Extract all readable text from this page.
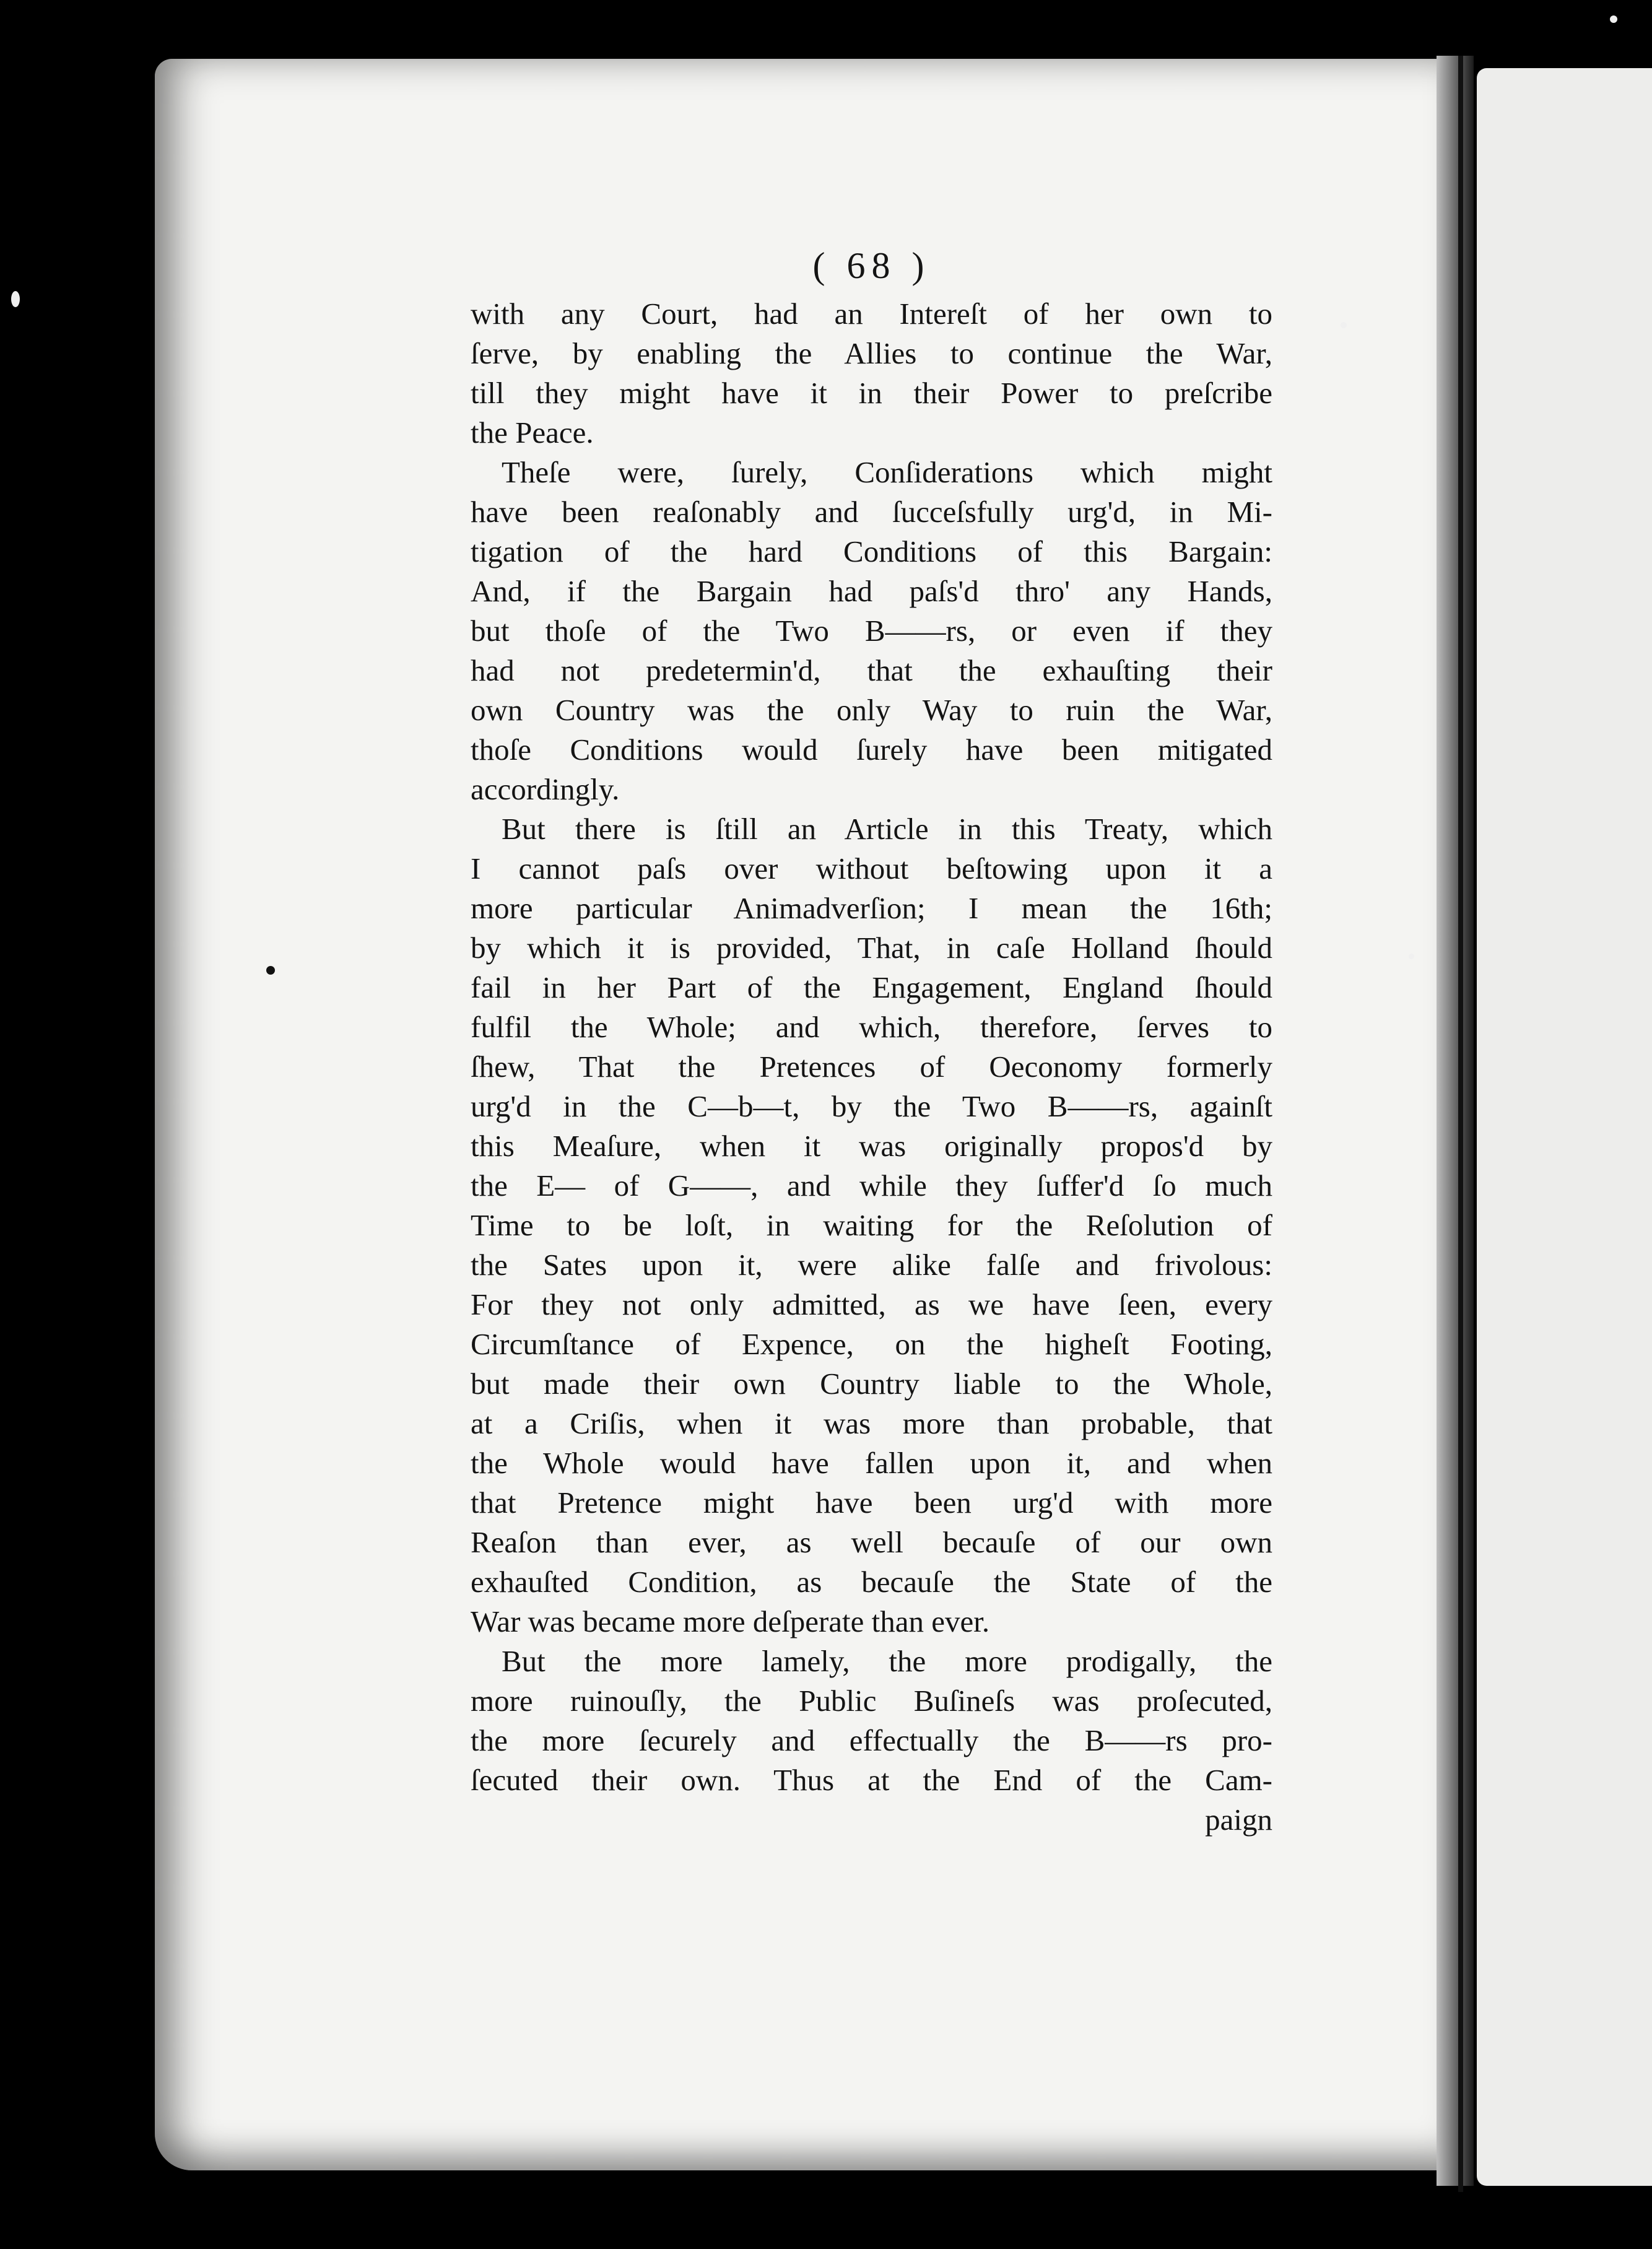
( 68 )
with any Court, had an Intereſt of her own to
ſerve, by enabling the Allies to continue the War,
till they might have it in their Power to preſcribe
the Peace.
Theſe were, ſurely, Conſiderations which might
have been reaſonably and ſucceſsfully urg'd, in Mi-
tigation of the hard Conditions of this Bargain:
And, if the Bargain had paſs'd thro' any Hands,
but thoſe of the Two B——rs, or even if they
had not predetermin'd, that the exhauſting their
own Country was the only Way to ruin the War,
thoſe Conditions would ſurely have been mitigated
accordingly.
But there is ſtill an Article in this Treaty, which
I cannot paſs over without beſtowing upon it a
more particular Animadverſion; I mean the 16th;
by which it is provided, That, in caſe Holland ſhould
fail in her Part of the Engagement, England ſhould
fulfil the Whole; and which, therefore, ſerves to
ſhew, That the Pretences of Oeconomy formerly
urg'd in the C—b—t, by the Two B——rs, againſt
this Meaſure, when it was originally propos'd by
the E— of G——, and while they ſuffer'd ſo much
Time to be loſt, in waiting for the Reſolution of
the Sates upon it, were alike falſe and frivolous:
For they not only admitted, as we have ſeen, every
Circumſtance of Expence, on the higheſt Footing,
but made their own Country liable to the Whole,
at a Criſis, when it was more than probable, that
the Whole would have fallen upon it, and when
that Pretence might have been urg'd with more
Reaſon than ever, as well becauſe of our own
exhauſted Condition, as becauſe the State of the
War was became more deſperate than ever.
But the more lamely, the more prodigally, the
more ruinouſly, the Public Buſineſs was proſecuted,
the more ſecurely and effectually the B——rs pro-
ſecuted their own. Thus at the End of the Cam-
paign
